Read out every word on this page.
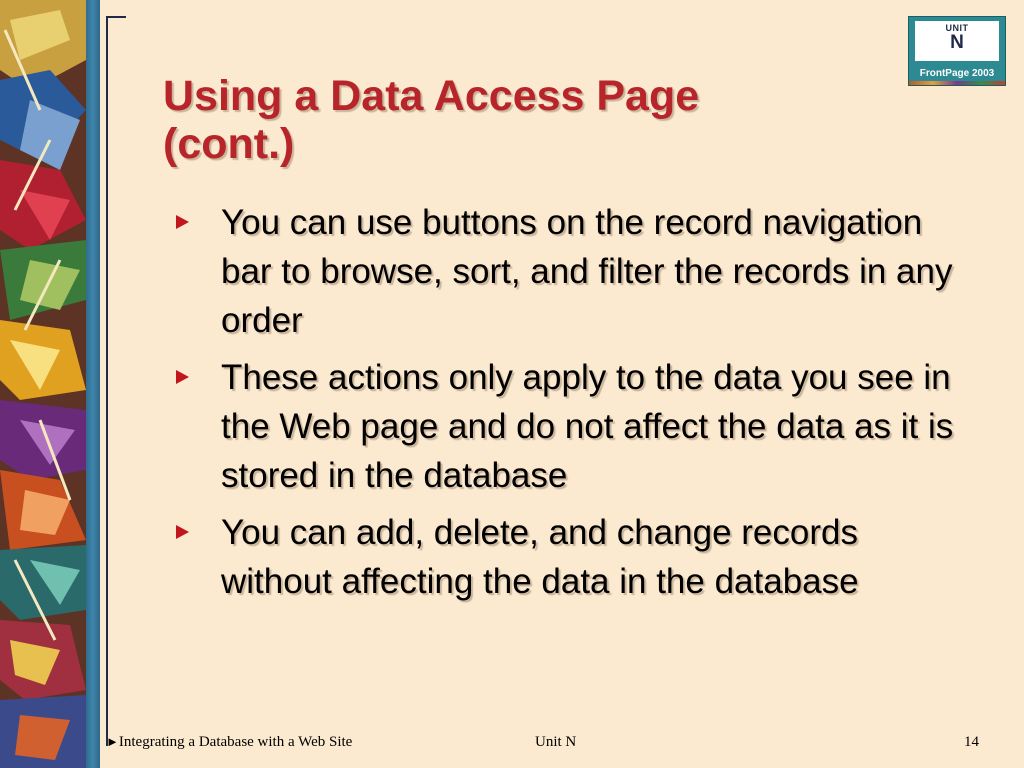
UNIT
N
FrontPage 2003
Using a Data Access Page
(cont.)
You can use buttons on the record navigation bar to browse, sort, and filter the records in any order
These actions only apply to the data you see in the Web page and do not affect the data as it is stored in the database
You can add, delete, and change records without affecting the data in the database
►Integrating a Database with a Web Site	Unit N	14
